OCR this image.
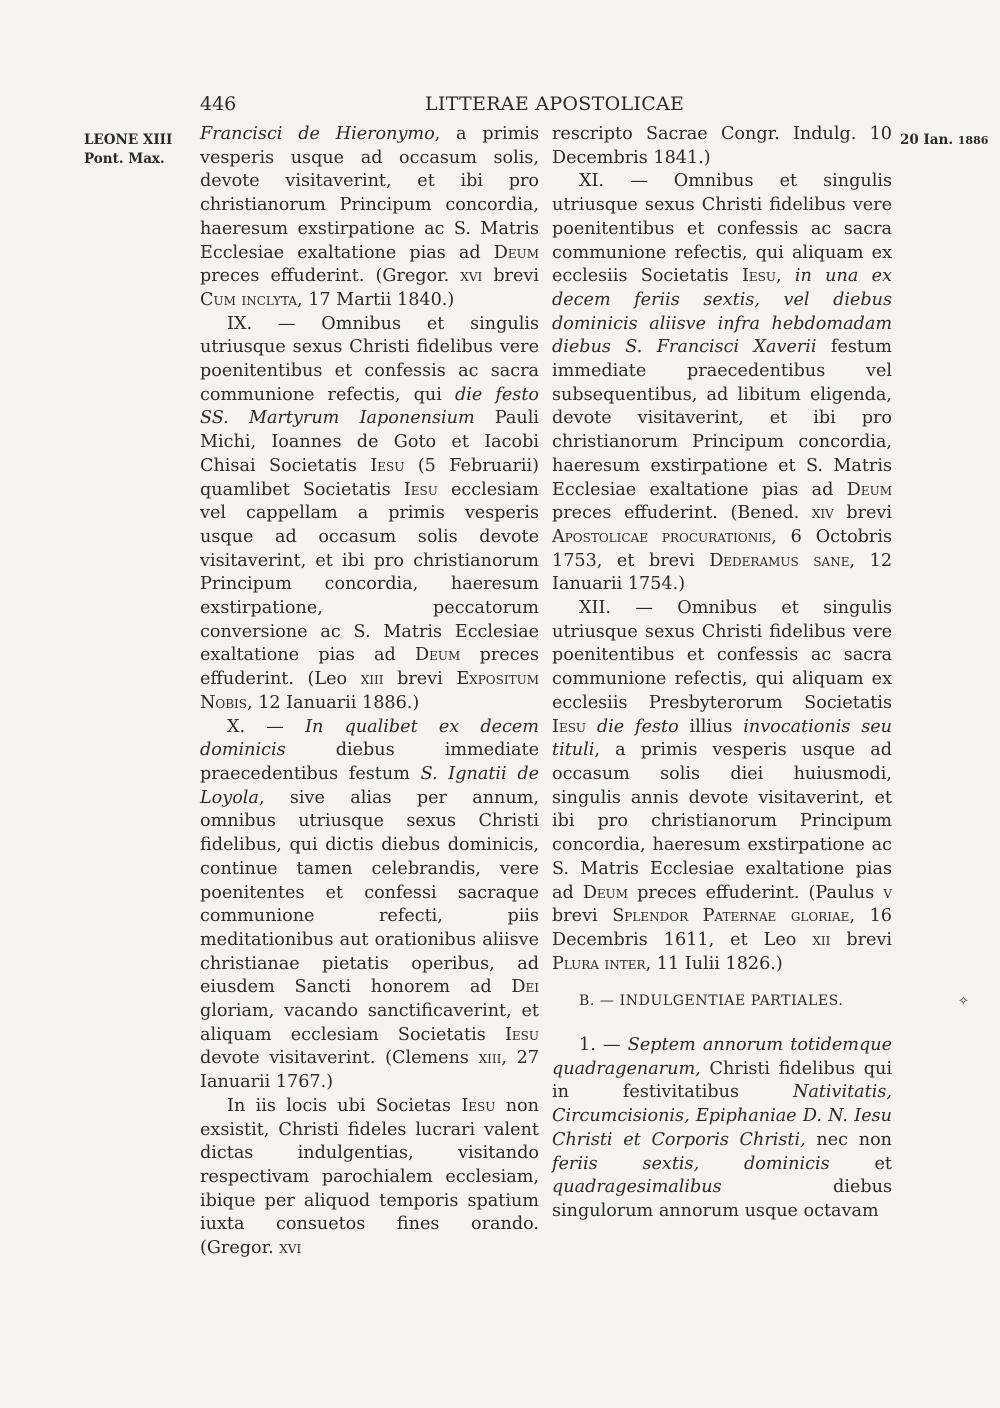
446	LITTERAE APOSTOLICAE
LEONE XIII
Pont. Max.
20 Ian. 1886

Francisci de Hieronymo, a primis vesperis usque ad occasum solis, devote visitaverint, et ibi pro christianorum Principum concordia, haeresum exstirpatione ac S. Matris Ecclesiae exaltatione pias ad Deum preces effuderint. (Gregor. xvi brevi Cum inclyta, 17 Martii 1840.)

IX. — Omnibus et singulis utriusque sexus Christi fidelibus vere poenitentibus et confessis ac sacra communione refectis, qui die festo SS. Martyrum Iaponensium Pauli Michi, Ioannes de Goto et Iacobi Chisai Societatis Iesu (5 Februarii) quamlibet Societatis Iesu ecclesiam vel cappellam a primis vesperis usque ad occasum solis devote visitaverint, et ibi pro christianorum Principum concordia, haeresum exstirpatione, peccatorum conversione ac S. Matris Ecclesiae exaltatione pias ad Deum preces effuderint. (Leo xiii brevi Expositum Nobis, 12 Ianuarii 1886.)

X. — In qualibet ex decem dominicis diebus immediate praecedentibus festum S. Ignatii de Loyola, sive alias per annum, omnibus utriusque sexus Christi fidelibus, qui dictis diebus dominicis, continue tamen celebrandis, vere poenitentes et confessi sacraque communione refecti, piis meditationibus aut orationibus aliisve christianae pietatis operibus, ad eiusdem Sancti honorem ad Dei gloriam, vacando sanctificaverint, et aliquam ecclesiam Societatis Iesu devote visitaverint. (Clemens xiii, 27 Ianuarii 1767.)

In iis locis ubi Societas Iesu non exsistit, Christi fideles lucrari valent dictas indulgentias, visitando respectivam parochialem ecclesiam, ibique per aliquod temporis spatium iuxta consuetos fines orando. (Gregor. xvi

rescripto Sacrae Congr. Indulg. 10 Decembris 1841.)

XI. — Omnibus et singulis utriusque sexus Christi fidelibus vere poenitentibus et confessis ac sacra communione refectis, qui aliquam ex ecclesiis Societatis Iesu, in una ex decem feriis sextis, vel diebus dominicis aliisve infra hebdomadam diebus S. Francisci Xaverii festum immediate praecedentibus vel subsequentibus, ad libitum eligenda, devote visitaverint, et ibi pro christianorum Principum concordia, haeresum exstirpatione et S. Matris Ecclesiae exaltatione pias ad Deum preces effuderint. (Bened. xiv brevi Apostolicae procurationis, 6 Octobris 1753, et brevi Dederamus sane, 12 Ianuarii 1754.)

XII. — Omnibus et singulis utriusque sexus Christi fidelibus vere poenitentibus et confessis ac sacra communione refectis, qui aliquam ex ecclesiis Presbyterorum Societatis Iesu die festo illius invocationis seu tituli, a primis vesperis usque ad occasum solis diei huiusmodi, singulis annis devote visitaverint, et ibi pro christianorum Principum concordia, haeresum exstirpatione ac S. Matris Ecclesiae exaltatione pias ad Deum preces effuderint. (Paulus v brevi Splendor Paternae gloriae, 16 Decembris 1611, et Leo xii brevi Plura inter, 11 Iulii 1826.)

B. — INDULGENTIAE PARTIALES.

1. — Septem annorum totidemque quadragenarum, Christi fidelibus qui in festivitatibus Nativitatis, Circumcisionis, Epiphaniae D. N. Iesu Christi et Corporis Christi, nec non feriis sextis, dominicis et quadragesimalibus diebus singulorum annorum usque octavam

✧
